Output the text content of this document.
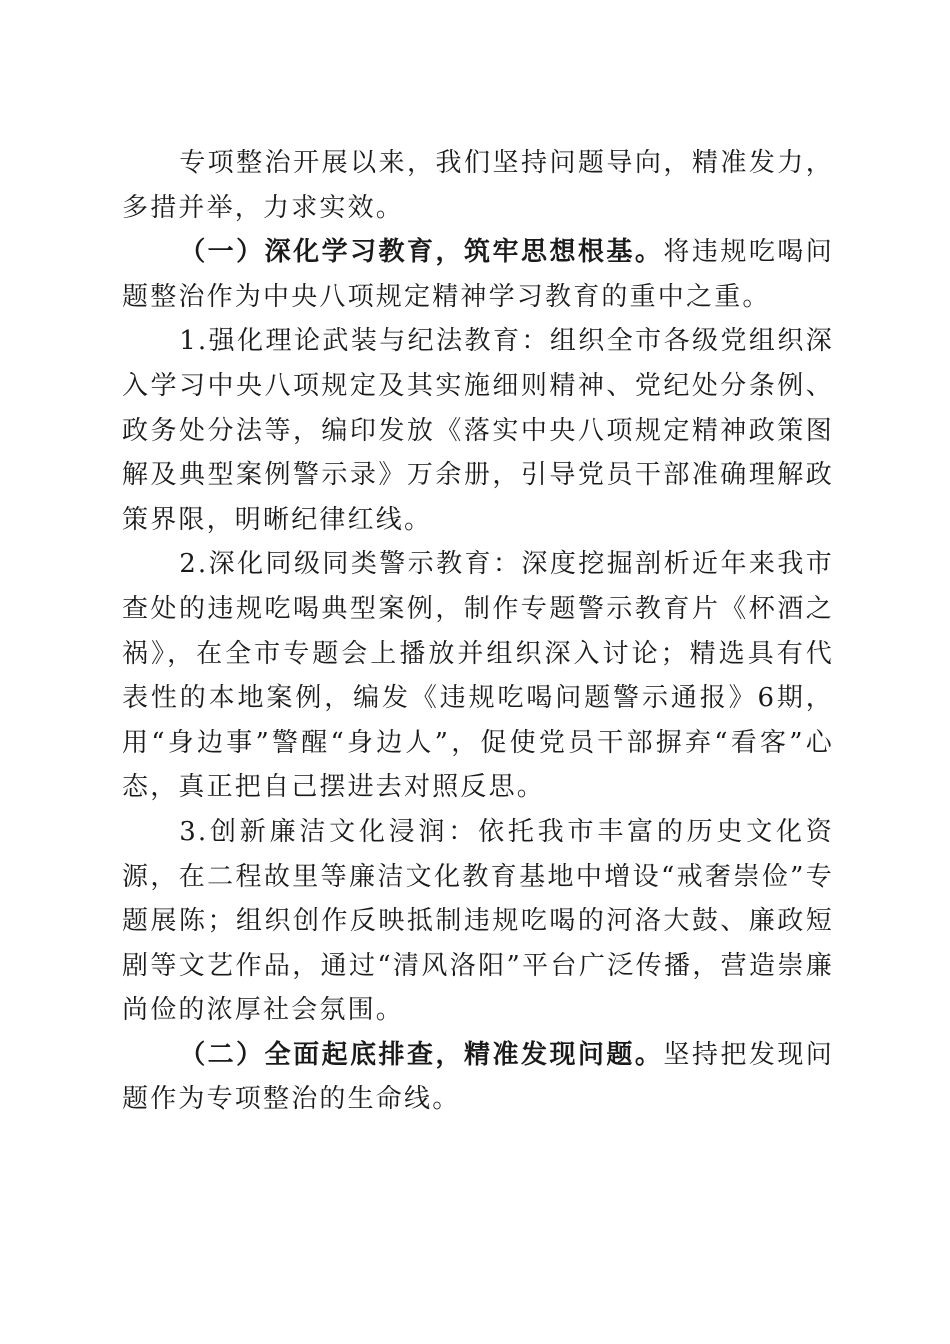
专项整治开展以来，我们坚持问题导向，精准发力，多措并举，力求实效。

（一）深化学习教育，筑牢思想根基。将违规吃喝问题整治作为中央八项规定精神学习教育的重中之重。

1.强化理论武装与纪法教育：组织全市各级党组织深入学习中央八项规定及其实施细则精神、党纪处分条例、政务处分法等，编印发放《落实中央八项规定精神政策图解及典型案例警示录》万余册，引导党员干部准确理解政策界限，明晰纪律红线。

2.深化同级同类警示教育：深度挖掘剖析近年来我市查处的违规吃喝典型案例，制作专题警示教育片《杯酒之祸》，在全市专题会上播放并组织深入讨论；精选具有代表性的本地案例，编发《违规吃喝问题警示通报》6期，用“身边事”警醒“身边人”，促使党员干部摒弃“看客”心态，真正把自己摆进去对照反思。

3.创新廉洁文化浸润：依托我市丰富的历史文化资源，在二程故里等廉洁文化教育基地中增设“戒奢崇俭”专题展陈；组织创作反映抵制违规吃喝的河洛大鼓、廉政短剧等文艺作品，通过“清风洛阳”平台广泛传播，营造崇廉尚俭的浓厚社会氛围。

（二）全面起底排查，精准发现问题。坚持把发现问题作为专项整治的生命线。
